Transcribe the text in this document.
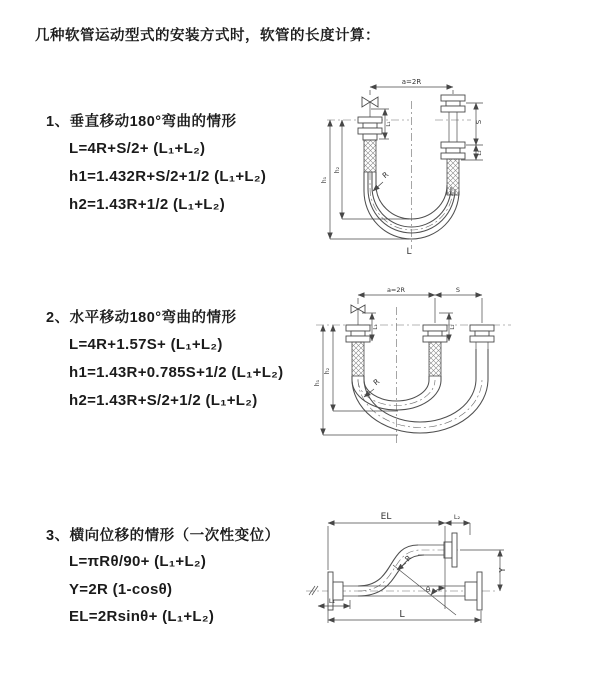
几种软管运动型式的安装方式时，软管的长度计算：
1、垂直移动180°弯曲的情形
L=4R+S/2+ (L₁+L₂)
h1=1.432R+S/2+1/2 (L₁+L₂)
h2=1.43R+1/2 (L₁+L₂)
2、水平移动180°弯曲的情形
L=4R+1.57S+ (L₁+L₂)
h1=1.43R+0.785S+1/2 (L₁+L₂)
h2=1.43R+S/2+1/2 (L₁+L₂)
3、横向位移的情形（一次性变位）
L=πRθ/90+ (L₁+L₂)
Y=2R (1-cosθ)
EL=2Rsinθ+ (L₁+L₂)
a=2R
S
L₂
L₁
h₁
h₂	R
L
a=2R	S
h₁
h₂
L₁	L₂
R
EL	L₂
Y
L₁
R
θ
L
